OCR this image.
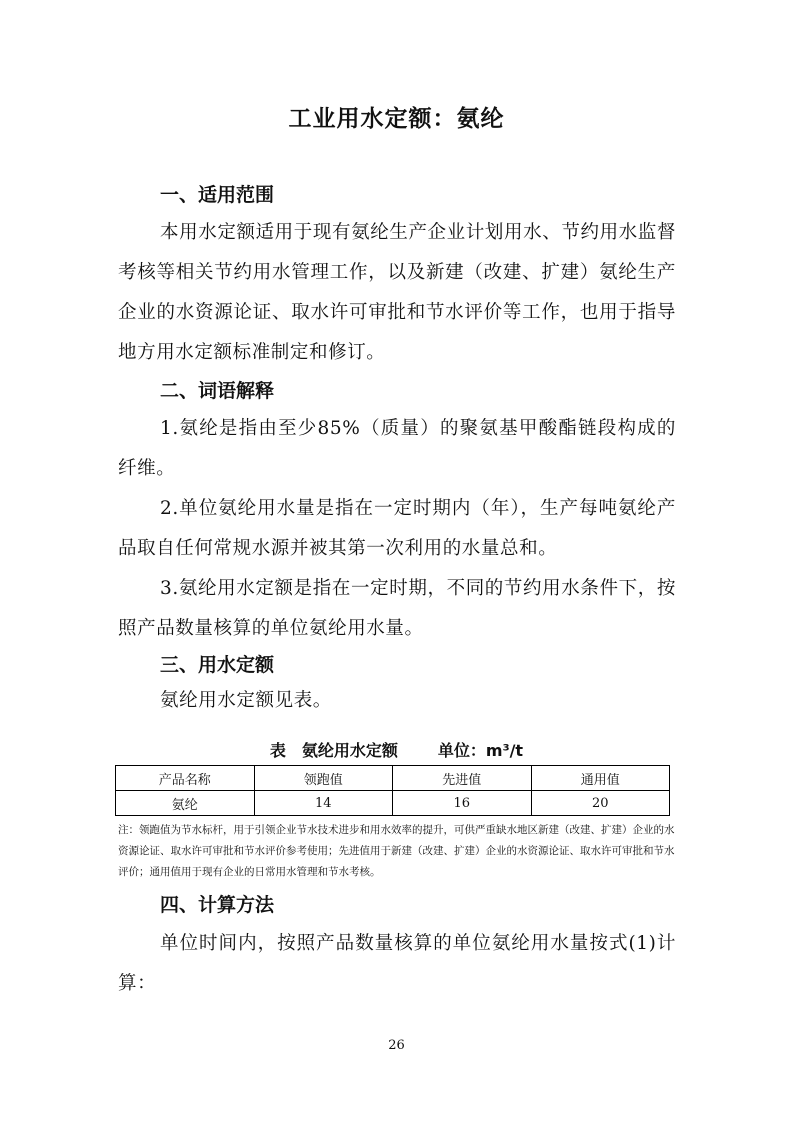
工业用水定额：氨纶
一、适用范围
本用水定额适用于现有氨纶生产企业计划用水、节约用水监督考核等相关节约用水管理工作，以及新建（改建、扩建）氨纶生产企业的水资源论证、取水许可审批和节水评价等工作，也用于指导地方用水定额标准制定和修订。
二、词语解释
1.氨纶是指由至少85%（质量）的聚氨基甲酸酯链段构成的纤维。
2.单位氨纶用水量是指在一定时期内（年），生产每吨氨纶产品取自任何常规水源并被其第一次利用的水量总和。
3.氨纶用水定额是指在一定时期，不同的节约用水条件下，按照产品数量核算的单位氨纶用水量。
三、用水定额
氨纶用水定额见表。
表　氨纶用水定额	单位：m³/t
产品名称	领跑值	先进值	通用值
氨纶	14	16	20
注：领跑值为节水标杆，用于引领企业节水技术进步和用水效率的提升，可供严重缺水地区新建（改建、扩建）企业的水资源论证、取水许可审批和节水评价参考使用；先进值用于新建（改建、扩建）企业的水资源论证、取水许可审批和节水评价；通用值用于现有企业的日常用水管理和节水考核。
四、计算方法
单位时间内，按照产品数量核算的单位氨纶用水量按式(1)计算：
26
